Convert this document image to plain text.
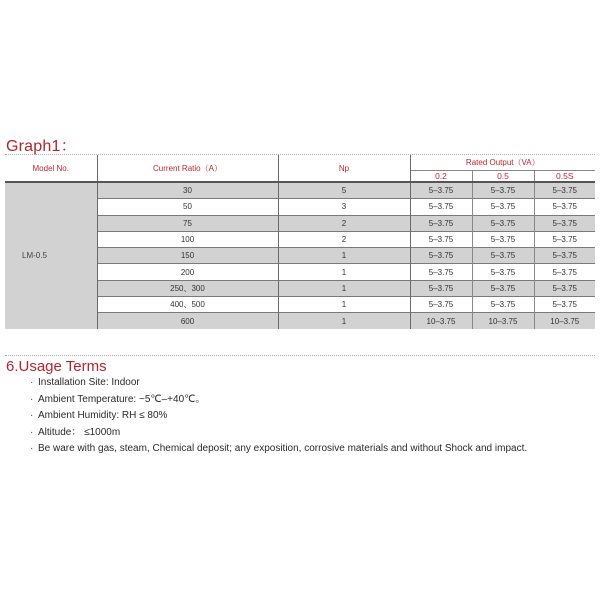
Graph1：
Model No.	Current Ratio（A）	Np	Rated Output（VA）		
			0.2	0.5	0.5S
LM-0.5	30	5	5–3.75	5–3.75	5–3.75
	50	3	5–3.75	5–3.75	5–3.75
	75	2	5–3.75	5–3.75	5–3.75
	100	2	5–3.75	5–3.75	5–3.75
	150	1	5–3.75	5–3.75	5–3.75
	200	1	5–3.75	5–3.75	5–3.75
	250、300	1	5–3.75	5–3.75	5–3.75
	400、500	1	5–3.75	5–3.75	5–3.75
	600	1	10–3.75	10–3.75	10–3.75
6.Usage Terms
· Installation Site: Indoor
· Ambient Temperature: −5℃–+40℃。
· Ambient Humidity: RH ≤ 80%
· Altitude： ≤1000m
· Be ware with gas, steam, Chemical deposit; any exposition, corrosive materials and without Shock and impact.
